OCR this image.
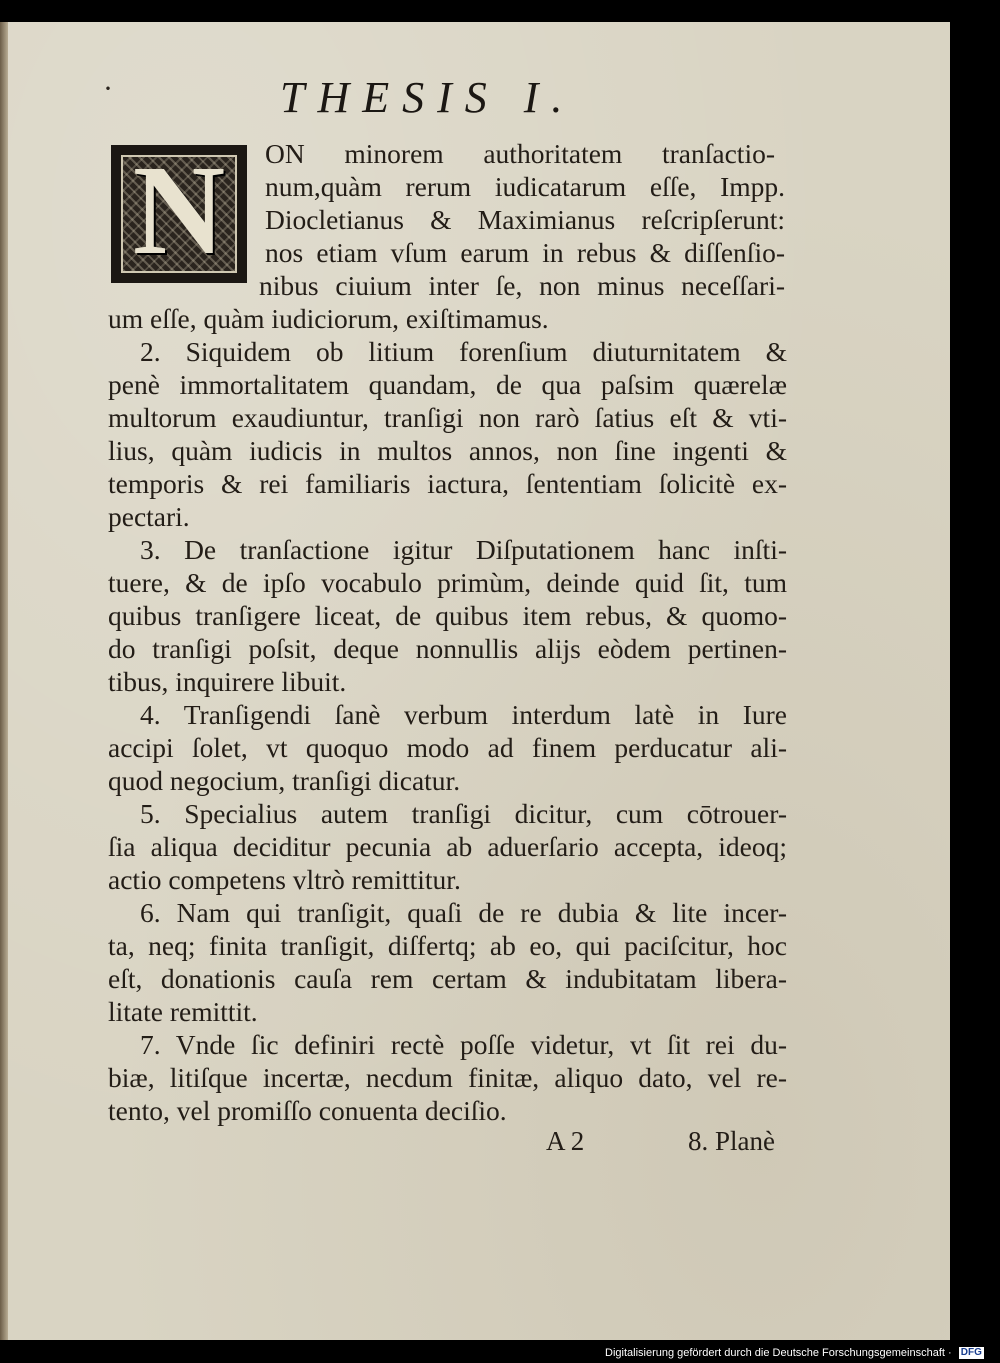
·	THESIS I.
N	ON minorem authoritatem tranſactio-
num,quàm rerum iudicatarum eſſe, Impp.
Diocletianus & Maximianus reſcripſerunt:
nos etiam vſum earum in rebus & diſſenſio-
nibus ciuium inter ſe, non minus neceſſari-
um eſſe, quàm iudiciorum, exiſtimamus.
2. Siquidem ob litium forenſium diuturnitatem &
penè immortalitatem quandam, de qua paſsim quærelæ
multorum exaudiuntur, tranſigi non rarò ſatius eſt & vti-
lius, quàm iudicis in multos annos, non ſine ingenti &
temporis & rei familiaris iactura, ſententiam ſolicitè ex-
pectari.
3. De tranſactione igitur Diſputationem hanc inſti-
tuere, & de ipſo vocabulo primùm, deinde quid ſit, tum
quibus tranſigere liceat, de quibus item rebus, & quomo-
do tranſigi poſsit, deque nonnullis alijs eòdem pertinen-
tibus, inquirere libuit.
4. Tranſigendi ſanè verbum interdum latè in Iure
accipi ſolet, vt quoquo modo ad finem perducatur ali-
quod negocium, tranſigi dicatur.
5. Specialius autem tranſigi dicitur, cum cōtrouer-
ſia aliqua deciditur pecunia ab aduerſario accepta, ideoq;
actio competens vltrò remittitur.
6. Nam qui tranſigit, quaſi de re dubia & lite incer-
ta, neq; finita tranſigit, diſfertq; ab eo, qui paciſcitur, hoc
eſt, donationis cauſa rem certam & indubitatam libera-
litate remittit.
7. Vnde ſic definiri rectè poſſe videtur, vt ſit rei du-
biæ, litiſque incertæ, necdum finitæ, aliquo dato, vel re-
tento, vel promiſſo conuenta deciſio.
A 2	8. Planè
Digitalisierung gefördert durch die Deutsche Forschungsgemeinschaft · DFG
